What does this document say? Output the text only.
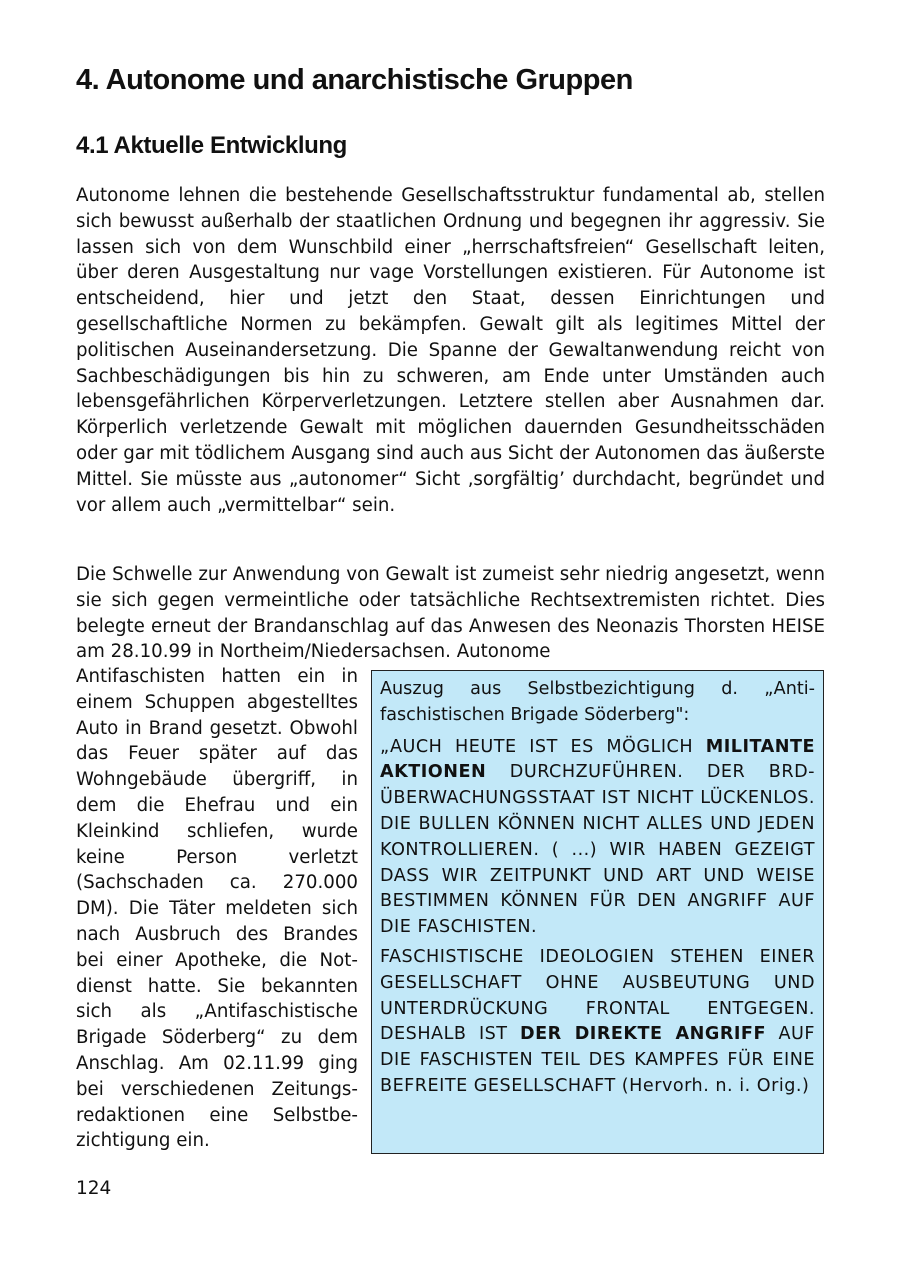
4. Autonome und anarchistische Gruppen
4.1 Aktuelle Entwicklung

Autonome lehnen die bestehende Gesellschaftsstruktur fundamental ab, stellen sich bewusst außerhalb der staatlichen Ordnung und begegnen ihr aggressiv. Sie lassen sich von dem Wunschbild einer „herrschaftsfreien“ Gesellschaft leiten, über deren Ausgestaltung nur vage Vorstellungen existieren. Für Autonome ist entscheidend, hier und jetzt den Staat, dessen Einrichtungen und gesellschaftliche Normen zu bekämpfen. Gewalt gilt als legitimes Mittel der politischen Auseinandersetzung. Die Spanne der Gewaltanwendung reicht von Sachbeschädigungen bis hin zu schweren, am Ende unter Umständen auch lebensgefährlichen Körperverletzungen. Letztere stellen aber Ausnahmen dar. Körperlich verletzende Gewalt mit möglichen dauernden Gesundheitsschäden oder gar mit tödlichem Ausgang sind auch aus Sicht der Autonomen das äußerste Mittel. Sie müsste aus „autonomer“ Sicht ‚sorgfältig’ durchdacht, begründet und vor allem auch „vermittelbar“ sein.

Die Schwelle zur Anwendung von Gewalt ist zumeist sehr niedrig angesetzt, wenn sie sich gegen vermeintliche oder tatsächliche Rechtsextremisten richtet. Dies belegte erneut der Brandanschlag auf das Anwesen des Neonazis Thorsten HEISE am 28.10.99 in Northeim/Niedersachsen. Autonome

Antifaschisten hatten ein in einem Schuppen abgestelltes Auto in Brand gesetzt. Obwohl das Feuer später auf das Wohngebäude übergriff, in dem die Ehefrau und ein Kleinkind schliefen, wurde keine Person verletzt (Sachschaden ca. 270.000 DM). Die Täter meldeten sich nach Ausbruch des Brandes bei einer Apotheke, die Notdienst hatte. Sie bekannten sich als „Antifaschistische Brigade Söderberg“ zu dem Anschlag. Am 02.11.99 ging bei verschiedenen Zeitungsredaktionen eine Selbstbezichtigung ein.

Auszug aus Selbstbezichtigung d. „Antifaschistischen Brigade Söderberg":

„AUCH HEUTE IST ES MÖGLICH MILITANTE AKTIONEN DURCHZUFÜHREN. DER BRD-ÜBERWACHUNGSSTAAT IST NICHT LÜCKENLOS. DIE BULLEN KÖNNEN NICHT ALLES UND JEDEN KONTROLLIEREN. ( ...) WIR HABEN GEZEIGT DASS WIR ZEITPUNKT UND ART UND WEISE BESTIMMEN KÖNNEN FÜR DEN ANGRIFF AUF DIE FASCHISTEN.

FASCHISTISCHE IDEOLOGIEN STEHEN EINER GESELLSCHAFT OHNE AUSBEUTUNG UND UNTERDRÜCKUNG FRONTAL ENTGEGEN. DESHALB IST DER DIREKTE ANGRIFF AUF DIE FASCHISTEN TEIL DES KAMPFES FÜR EINE BEFREITE GESELLSCHAFT (Hervorh. n. i. Orig.)

124
